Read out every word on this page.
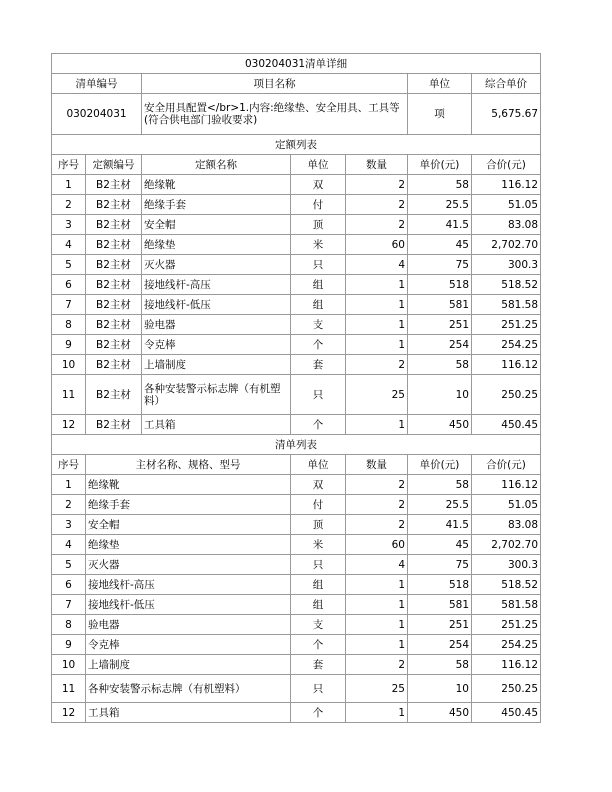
030204031清单详细						
清单编号		项目名称			单位	综合单价
030204031		安全用具配置</br>1.内容:绝缘垫、安全用具、工具等(符合供电部门验收要求)			项	5,675.67
定额列表						
序号	定额编号	定额名称	单位	数量	单价(元)	合价(元)
1	B2主材	绝缘靴	双	2	58	116.12
2	B2主材	绝缘手套	付	2	25.5	51.05
3	B2主材	安全帽	顶	2	41.5	83.08
4	B2主材	绝缘垫	米	60	45	2,702.70
5	B2主材	灭火器	只	4	75	300.3
6	B2主材	接地线杆-高压	组	1	518	518.52
7	B2主材	接地线杆-低压	组	1	581	581.58
8	B2主材	验电器	支	1	251	251.25
9	B2主材	令克棒	个	1	254	254.25
10	B2主材	上墙制度	套	2	58	116.12
11	B2主材	各种安装警示标志牌（有机塑料）	只	25	10	250.25
12	B2主材	工具箱	个	1	450	450.45
清单列表						
序号	主材名称、规格、型号		单位	数量	单价(元)	合价(元)
1	绝缘靴		双	2	58	116.12
2	绝缘手套		付	2	25.5	51.05
3	安全帽		顶	2	41.5	83.08
4	绝缘垫		米	60	45	2,702.70
5	灭火器		只	4	75	300.3
6	接地线杆-高压		组	1	518	518.52
7	接地线杆-低压		组	1	581	581.58
8	验电器		支	1	251	251.25
9	令克棒		个	1	254	254.25
10	上墙制度		套	2	58	116.12
11	各种安装警示标志牌（有机塑料）		只	25	10	250.25
12	工具箱		个	1	450	450.45
